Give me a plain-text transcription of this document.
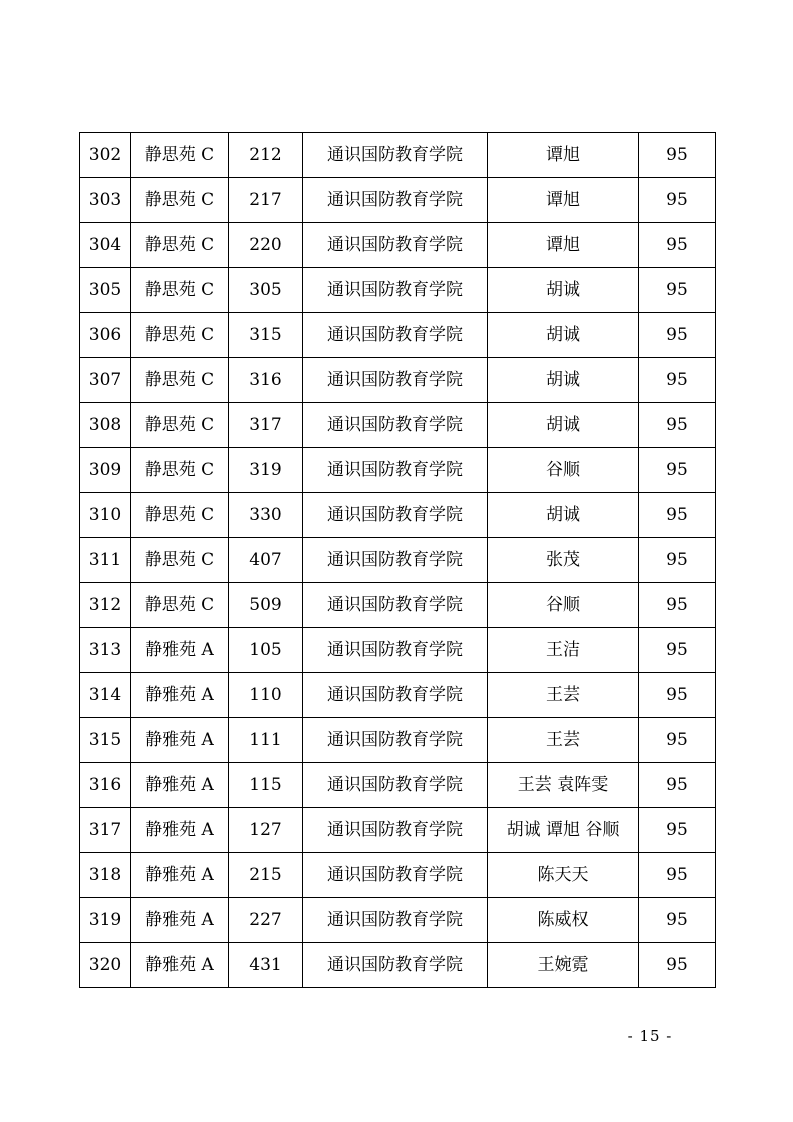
302	静思苑 C	212	通识国防教育学院	谭旭	95
303	静思苑 C	217	通识国防教育学院	谭旭	95
304	静思苑 C	220	通识国防教育学院	谭旭	95
305	静思苑 C	305	通识国防教育学院	胡诚	95
306	静思苑 C	315	通识国防教育学院	胡诚	95
307	静思苑 C	316	通识国防教育学院	胡诚	95
308	静思苑 C	317	通识国防教育学院	胡诚	95
309	静思苑 C	319	通识国防教育学院	谷顺	95
310	静思苑 C	330	通识国防教育学院	胡诚	95
311	静思苑 C	407	通识国防教育学院	张茂	95
312	静思苑 C	509	通识国防教育学院	谷顺	95
313	静雅苑 A	105	通识国防教育学院	王洁	95
314	静雅苑 A	110	通识国防教育学院	王芸	95
315	静雅苑 A	111	通识国防教育学院	王芸	95
316	静雅苑 A	115	通识国防教育学院	王芸 袁阵雯	95
317	静雅苑 A	127	通识国防教育学院	胡诚 谭旭 谷顺	95
318	静雅苑 A	215	通识国防教育学院	陈天天	95
319	静雅苑 A	227	通识国防教育学院	陈威权	95
320	静雅苑 A	431	通识国防教育学院	王婉霓	95
- 15 -
